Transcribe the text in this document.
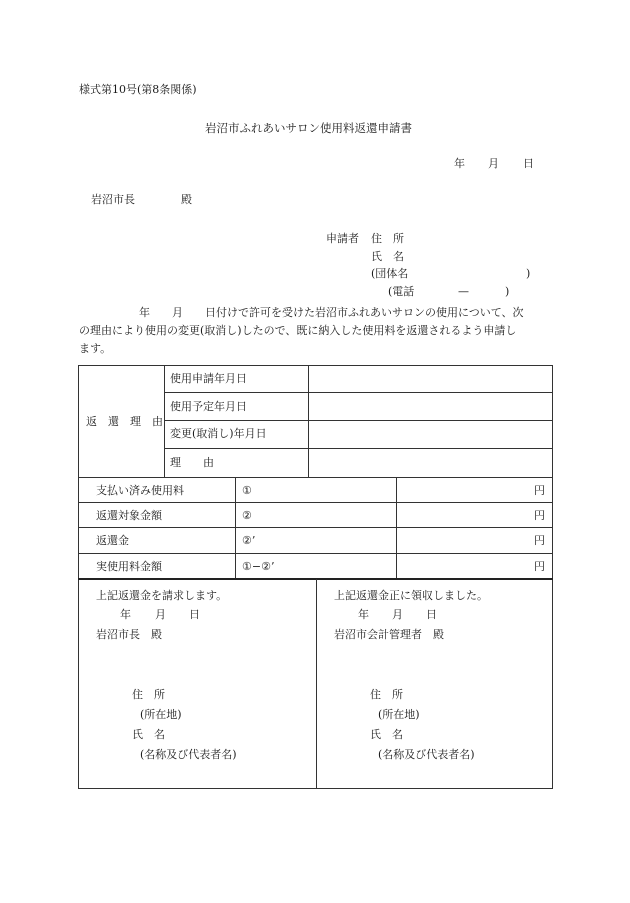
様式第10号(第8条関係)
岩沼市ふれあいサロン使用料返還申請書
年 月 日
岩沼市長	殿
申請者 住　所
氏　名
(団体名	)
(電話	—	)
年　　月　　日付けで許可を受けた岩沼市ふれあいサロンの使用について、次
の理由により使用の変更(取消し)したので、既に納入した使用料を返還されるよう申請し
ます。
返　還　理　由
使用申請年月日
使用予定年月日
変更(取消し)年月日
理　　由
支払い済み使用料	①	円
返還対象金額	②	円
返還金	②’	円
実使用料金額	①−②’	円
上記返還金を請求します。
年 月 日
岩沼市長　殿
住　所
(所在地)
氏　名
(名称及び代表者名)
上記返還金正に領収しました。
年 月 日
岩沼市会計管理者　殿
住　所
(所在地)
氏　名
(名称及び代表者名)
